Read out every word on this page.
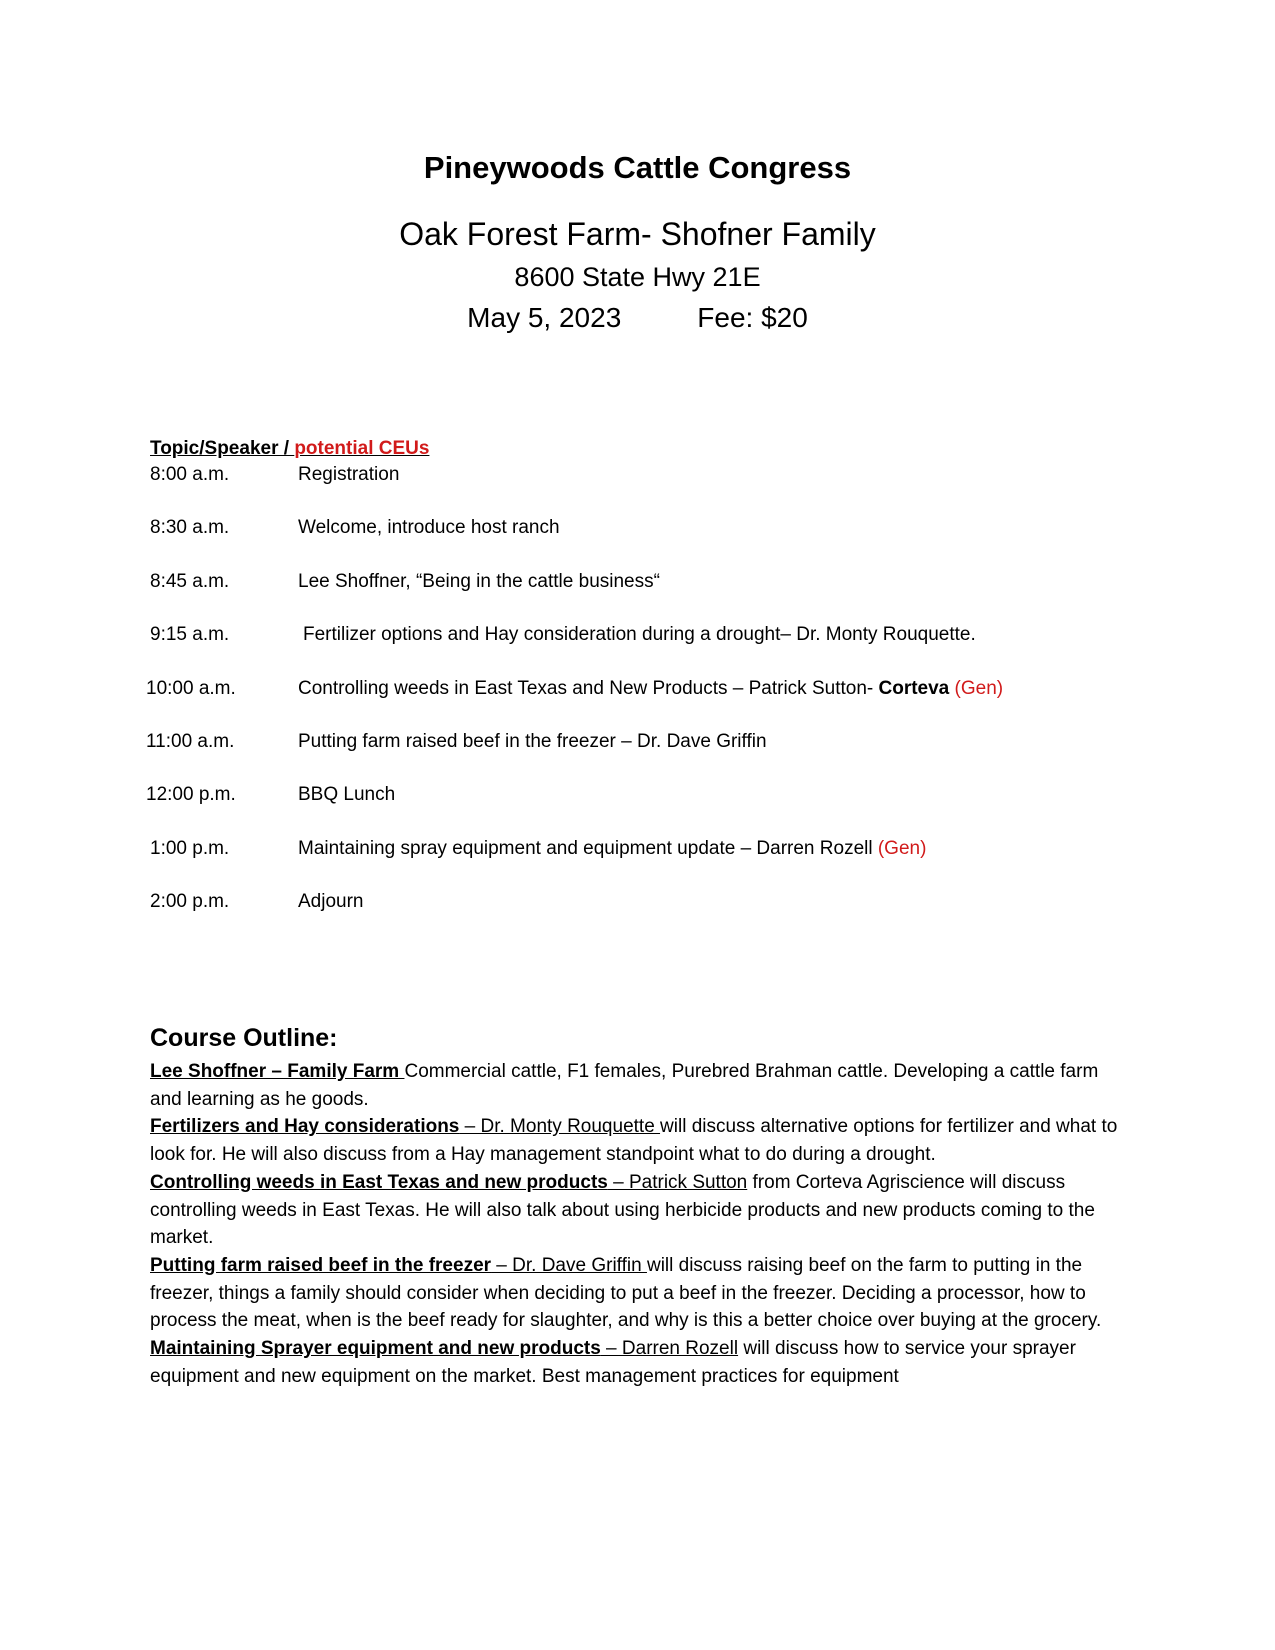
Pineywoods Cattle Congress
Oak Forest Farm- Shofner Family
8600 State Hwy 21E
May 5, 2023	Fee: $20
Topic/Speaker / potential CEUs
8:00 a.m.	Registration
8:30 a.m.	Welcome, introduce host ranch
8:45 a.m.	Lee Shoffner, “Being in the cattle business“
9:15 a.m.	Fertilizer options and Hay consideration during a drought– Dr. Monty Rouquette.
10:00 a.m.	Controlling weeds in East Texas and New Products – Patrick Sutton- Corteva (Gen)
11:00 a.m.	Putting farm raised beef in the freezer – Dr. Dave Griffin
12:00 p.m.	BBQ Lunch
1:00 p.m.	Maintaining spray equipment and equipment update – Darren Rozell (Gen)
2:00 p.m.	Adjourn
Course Outline:

Lee Shoffner – Family Farm Commercial cattle, F1 females, Purebred Brahman cattle. Developing a cattle farm and learning as he goods.

Fertilizers and Hay considerations – Dr. Monty Rouquette will discuss alternative options for fertilizer and what to look for. He will also discuss from a Hay management standpoint what to do during a drought.

Controlling weeds in East Texas and new products – Patrick Sutton from Corteva Agriscience will discuss controlling weeds in East Texas. He will also talk about using herbicide products and new products coming to the market.

Putting farm raised beef in the freezer – Dr. Dave Griffin will discuss raising beef on the farm to putting in the freezer, things a family should consider when deciding to put a beef in the freezer. Deciding a processor, how to process the meat, when is the beef ready for slaughter, and why is this a better choice over buying at the grocery.

Maintaining Sprayer equipment and new products – Darren Rozell will discuss how to service your sprayer equipment and new equipment on the market. Best management practices for equipment
